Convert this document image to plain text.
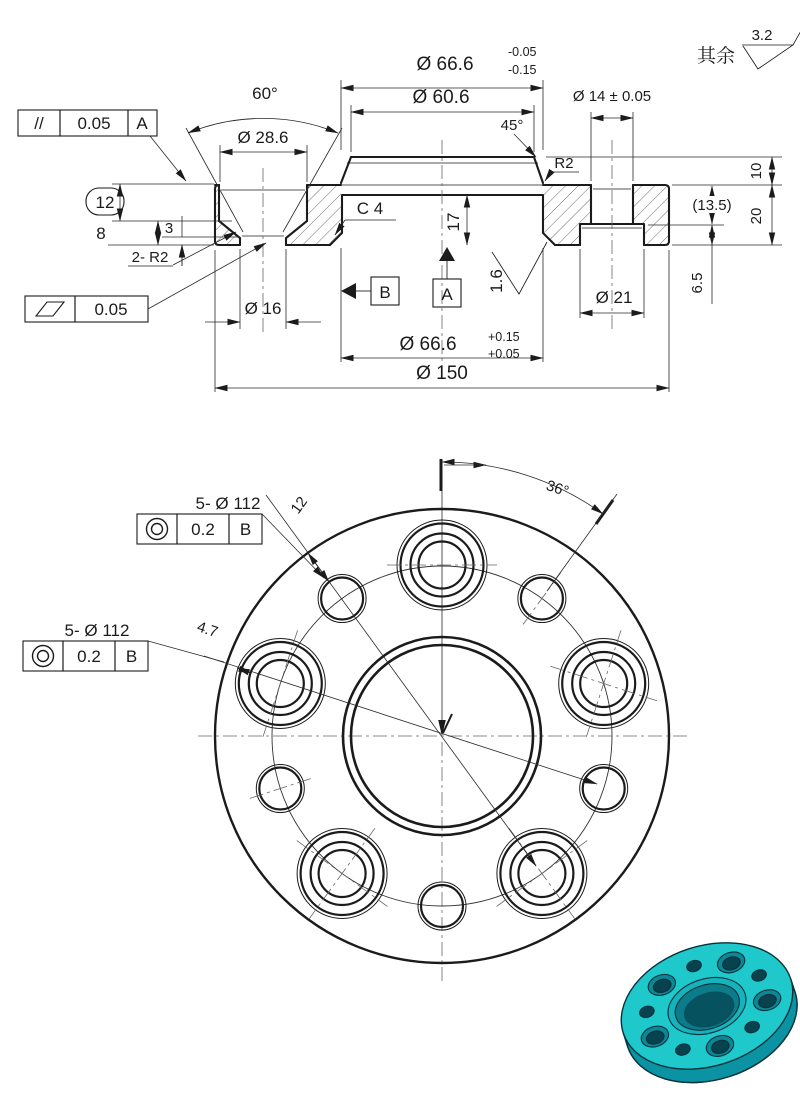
Ø 66.6
-0.05
-0.15
Ø 60.6
45°
Ø 14 ± 0.05
60°
Ø 28.6
// 0.05 A
12
8	3
2- R2
0.05	Ø 16
C 4
17
B	A
1.6
R2	10
20
(13.5)
6.5
Ø 21
Ø 66.6	+0.15
+0.05
Ø 150
其余
3.2
36°
12
4.7
5- Ø 112
0.2 B
5- Ø 112
0.2 B
